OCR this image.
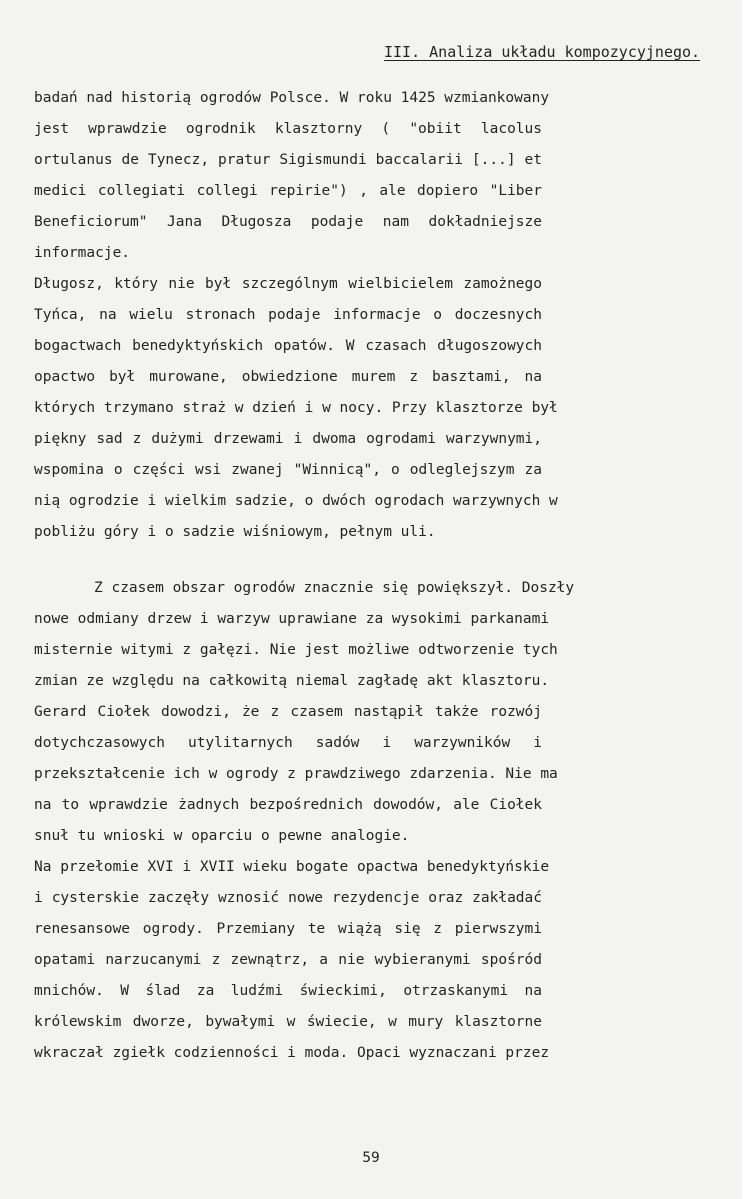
III. Analiza układu kompozycyjnego.
badań nad historią ogrodów Polsce. W roku 1425 wzmiankowany
jest wprawdzie ogrodnik klasztorny ( "obiit lacolus
ortulanus de Tynecz, pratur Sigismundi baccalarii [...] et
medici collegiati collegi repirie") , ale dopiero "Liber
Beneficiorum" Jana Długosza podaje nam dokładniejsze
informacje.
Długosz, który nie był szczególnym wielbicielem zamożnego
Tyńca, na wielu stronach podaje informacje o doczesnych
bogactwach benedyktyńskich opatów. W czasach długoszowych
opactwo był murowane, obwiedzione murem z basztami, na
których trzymano straż w dzień i w nocy. Przy klasztorze był
piękny sad z dużymi drzewami i dwoma ogrodami warzywnymi,
wspomina o części wsi zwanej "Winnicą", o odleglejszym za
nią ogrodzie i wielkim sadzie, o dwóch ogrodach warzywnych w
pobliżu góry i o sadzie wiśniowym, pełnym uli.
Z czasem obszar ogrodów znacznie się powiększył. Doszły
nowe odmiany drzew i warzyw uprawiane za wysokimi parkanami
misternie witymi z gałęzi. Nie jest możliwe odtworzenie tych
zmian ze względu na całkowitą niemal zagładę akt klasztoru.
Gerard Ciołek dowodzi, że z czasem nastąpił także rozwój
dotychczasowych utylitarnych sadów i warzywników i
przekształcenie ich w ogrody z prawdziwego zdarzenia. Nie ma
na to wprawdzie żadnych bezpośrednich dowodów, ale Ciołek
snuł tu wnioski w oparciu o pewne analogie.
Na przełomie XVI i XVII wieku bogate opactwa benedyktyńskie
i cysterskie zaczęły wznosić nowe rezydencje oraz zakładać
renesansowe ogrody. Przemiany te wiążą się z pierwszymi
opatami narzucanymi z zewnątrz, a nie wybieranymi spośród
mnichów. W ślad za ludźmi świeckimi, otrzaskanymi na
królewskim dworze, bywałymi w świecie, w mury klasztorne
wkraczał zgiełk codzienności i moda. Opaci wyznaczani przez
59
